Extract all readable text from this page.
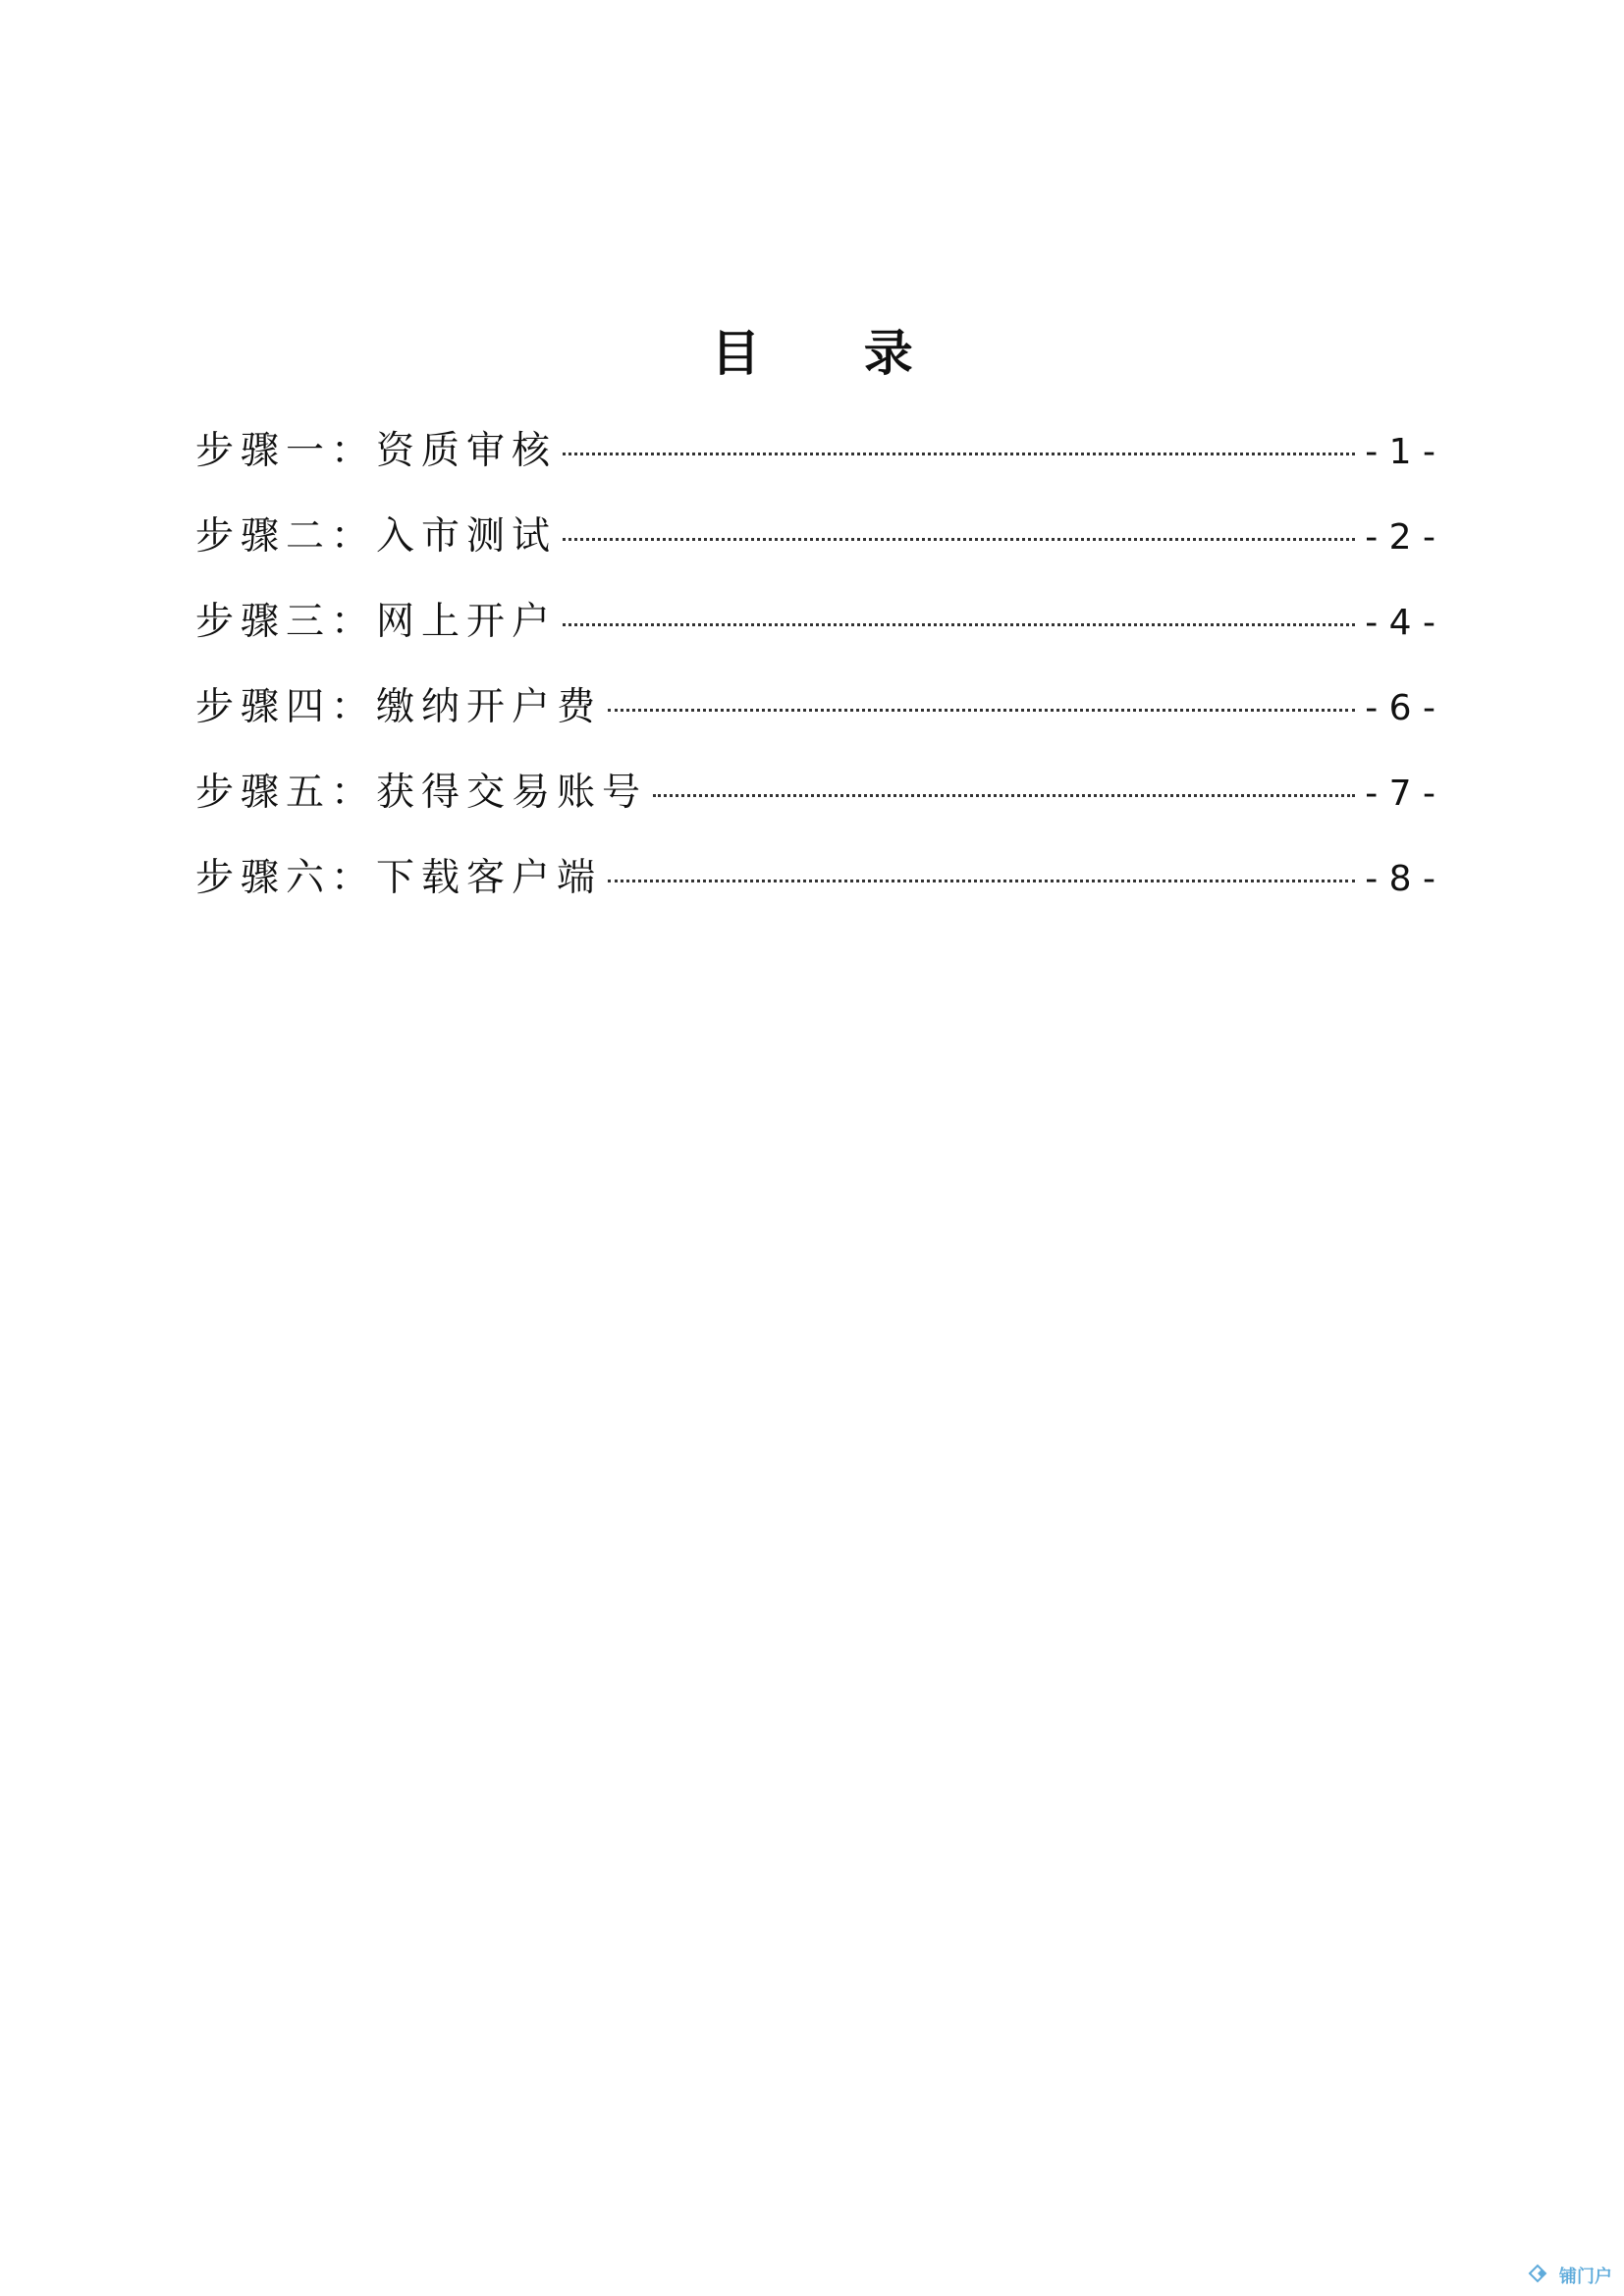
目 录
步骤一：资质审核	- 1 -
步骤二：入市测试	- 2 -
步骤三：网上开户	- 4 -
步骤四：缴纳开户费	- 6 -
步骤五：获得交易账号	- 7 -
步骤六：下载客户端	- 8 -
铺门户
